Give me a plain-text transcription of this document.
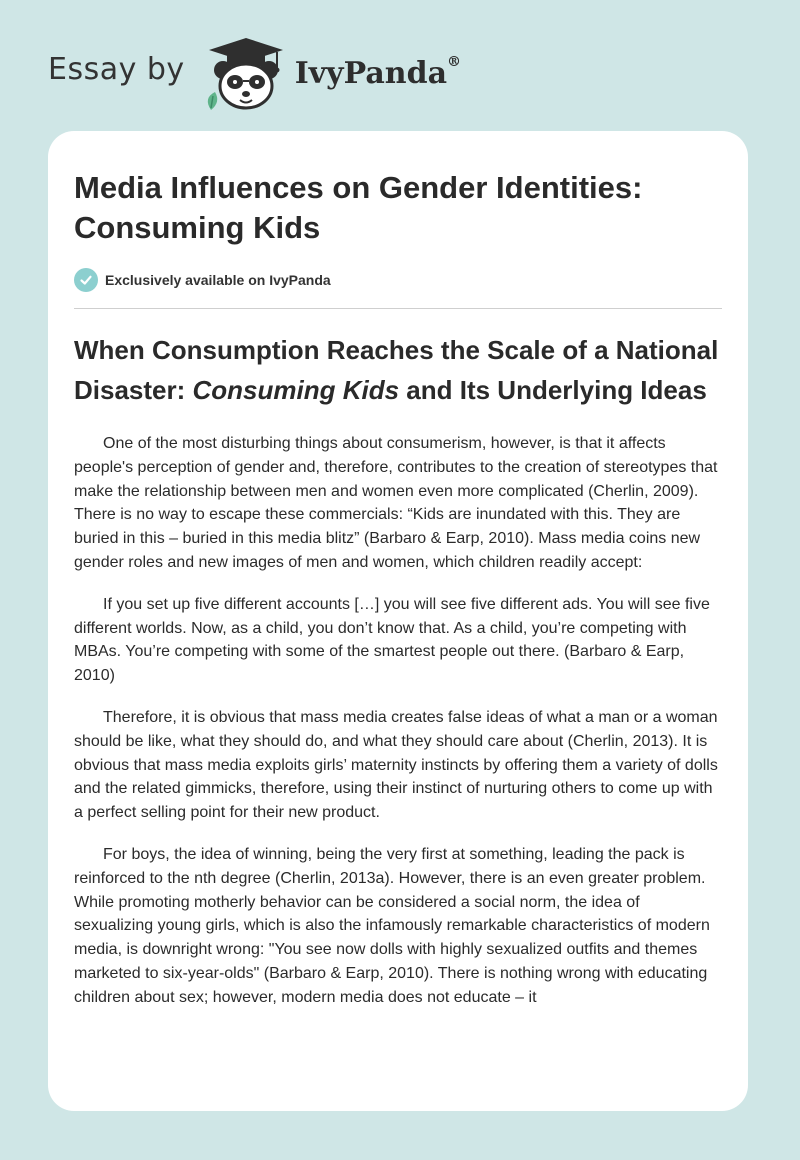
Essay by	IvyPanda®
Media Influences on Gender Identities: Consuming Kids
Exclusively available on IvyPanda
When Consumption Reaches the Scale of a National Disaster: Consuming Kids and Its Underlying Ideas

One of the most disturbing things about consumerism, however, is that it affects people's perception of gender and, therefore, contributes to the creation of stereotypes that make the relationship between men and women even more complicated (Cherlin, 2009). There is no way to escape these commercials: “Kids are inundated with this. They are buried in this – buried in this media blitz” (Barbaro & Earp, 2010). Mass media coins new gender roles and new images of men and women, which children readily accept:

If you set up five different accounts […] you will see five different ads. You will see five different worlds. Now, as a child, you don’t know that. As a child, you’re competing with MBAs. You’re competing with some of the smartest people out there. (Barbaro & Earp, 2010)

Therefore, it is obvious that mass media creates false ideas of what a man or a woman should be like, what they should do, and what they should care about (Cherlin, 2013). It is obvious that mass media exploits girls’ maternity instincts by offering them a variety of dolls and the related gimmicks, therefore, using their instinct of nurturing others to come up with a perfect selling point for their new product.

For boys, the idea of winning, being the very first at something, leading the pack is reinforced to the nth degree (Cherlin, 2013a). However, there is an even greater problem. While promoting motherly behavior can be considered a social norm, the idea of sexualizing young girls, which is also the infamously remarkable characteristics of modern media, is downright wrong: "You see now dolls with highly sexualized outfits and themes marketed to six-year-olds" (Barbaro & Earp, 2010). There is nothing wrong with educating children about sex; however, modern media does not educate – it
